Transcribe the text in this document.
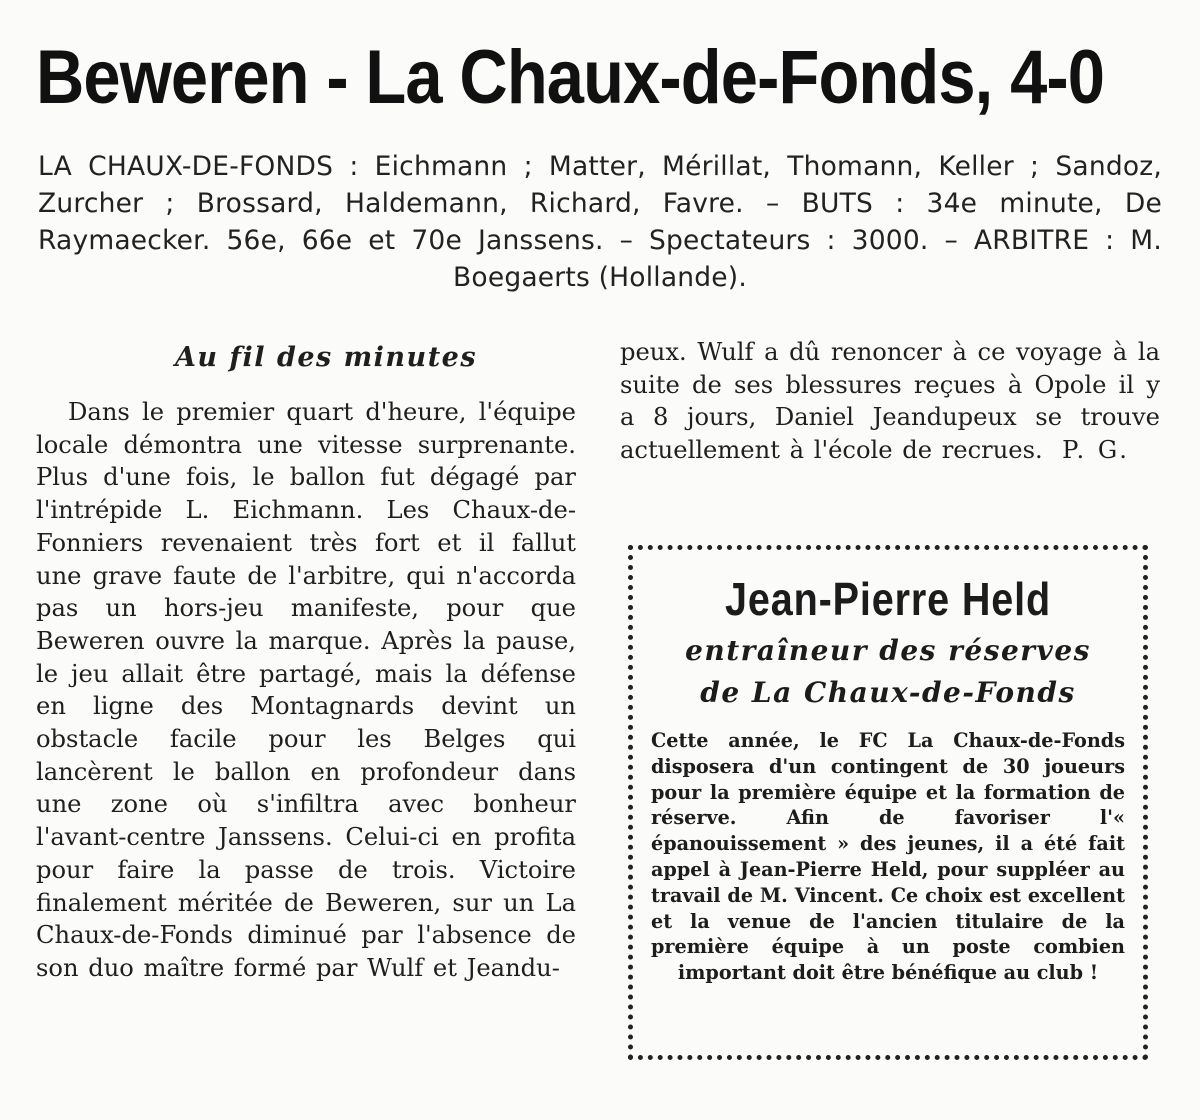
Beweren - La Chaux-de-Fonds, 4-0
LA CHAUX-DE-FONDS : Eichmann ; Matter, Mérillat, Thomann, Keller ; Sandoz, Zurcher ; Brossard, Haldemann, Richard, Favre. – BUTS : 34e minute, De Raymaecker. 56e, 66e et 70e Janssens. – Spectateurs : 3000. – ARBITRE : M. Boegaerts (Hollande).
Au fil des minutes

Dans le premier quart d'heure, l'équipe locale démontra une vitesse surprenante. Plus d'une fois, le ballon fut dégagé par l'intrépide L. Eichmann. Les Chaux-de-Fonniers revenaient très fort et il fallut une grave faute de l'arbitre, qui n'accorda pas un hors-jeu manifeste, pour que Beweren ouvre la marque. Après la pause, le jeu allait être partagé, mais la défense en ligne des Montagnards devint un obstacle facile pour les Belges qui lancèrent le ballon en profondeur dans une zone où s'infiltra avec bonheur l'avant-centre Janssens. Celui-ci en profita pour faire la passe de trois. Victoire finalement méritée de Beweren, sur un La Chaux-de-Fonds diminué par l'absence de son duo maître formé par Wulf et Jeandu-

peux. Wulf a dû renoncer à ce voyage à la suite de ses blessures reçues à Opole il y a 8 jours, Daniel Jeandupeux se trouve actuellement à l'école de recrues. P. G.

Jean-Pierre Held

entraîneur des réserves

de La Chaux-de-Fonds

Cette année, le FC La Chaux-de-Fonds disposera d'un contingent de 30 joueurs pour la première équipe et la formation de réserve. Afin de favoriser l'« épanouissement » des jeunes, il a été fait appel à Jean-Pierre Held, pour suppléer au travail de M. Vincent. Ce choix est excellent et la venue de l'ancien titulaire de la première équipe à un poste combien important doit être bénéfique au club !
